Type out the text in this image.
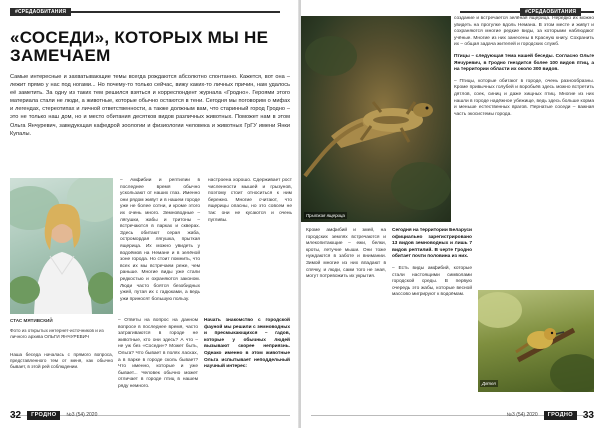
#СРЕДАОБИТАНИЯ
«СОСЕДИ», КОТОРЫХ МЫ НЕ ЗАМЕЧАЕМ
Самые интересные и захватывающие темы всегда рождаются абсолютно спонтанно. Кажется, вот она – лежит прямо у нас под ногами... Но почему-то только сейчас, вижу каких-то личных причин, нам удалось её заметить. За одну из таких тем решился взяться и корреспондент журнала «Гродно». Героями этого материала стали не люди, а животные, которые обычно остаются в тени. Сегодня мы поговорим о мифах и легендах, стереотипах и личной ответственности, а также должным вам, что старинный город Гродно – это не только наш дом, но и место обитания десятков видов различных животных. Поможет нам в этом Ольга Янчуревич, заведующая кафедрой зоологии и физиологии человека и животных ГрГУ имени Янки Купалы.
СТАС МЯТИВСКИЙ
Фото из открытых интернет-источников и из личного архива ОЛЬГИ ЯНЧУРЕВИЧ
Наша беседа началась с прямого вопроса, представленного тем от меня, как обычно бывает, в этой рей соблюдении.

– Ответы на вопрос на данном вопросе в последнее время, часто затрагиваются в городе не животные, кто они здесь? А что – не уж без «Соседи»? Может быть, Ольга? Что бывает в полях ласках, а в парке в городе сколь бывает? Что именно, которые и уже бывает... Человек обычно может отличает в городе птиц в нашем ряду немного.

Начать знакомство с городской фауной мы решили с земноводных и пресмыкающихся – гадов, которые у обычных людей вызывают скорее неприязнь. Однако именно в этом животные Ольга испытывает неподдельный научный интерес:

32	ГРОДНО	№3 (54) 2020
#СРЕДАОБИТАНИЯ
Прыткая ящерица

– Амфибии и рептилии в последнее время обычно ускользают от наших глаз. Именно они рядом живут и в нашем городе уже не более сотни, и кроме этого их очень много. Земноводные – лягушки, жабы и тритоны – встречаются в парках и скверах. Здесь обитают серая жаба, остромордая лягушка, прыткая ящерица. Их можно увидеть у водоёмов на Немане и в зелёной зоне города. Но стоит помнить, что всех их мы встречаем реже, чем раньше. Многие виды уже стали редкостью и охраняются законом. Люди часто боятся безобидных ужей, путая их с гадюками, а ведь ужи приносят большую пользу.

настроена хорошо. Сдерживает рост численности мышей и грызунов, поэтому стоит относиться к ним бережно. Многие считают, что ящерицы опасны, но это совсем не так: они не кусаются и очень пугливы.

создание и встречается зелёная ящерица. Нередко их можно увидеть на прогулке вдоль Немана. В этом месте и живут и сохраняются многие редкие виды, за которыми наблюдают учёные. Многие из них занесены в Красную книгу. Сохранить их – общая задача жителей и городских служб.

Птицы – следующая тема нашей беседы. Согласно Ольге Янчуревич, в Гродно гнездится более 100 видов птиц, а на территории области их около 300 видов.

– Птицы, которые обитают в городе, очень разнообразны. Кроме привычных голубей и воробьёв здесь можно встретить дятлов, соек, синиц и даже хищных птиц. Многие из них нашли в городе надёжное убежище, ведь здесь больше корма и меньше естественных врагов. Пернатые соседи – важная часть экосистемы города.

Кроме амфибий и змей, на городских землях встречаются и млекопитающие – ежи, белки, кроты, летучие мыши. Они тоже нуждаются в заботе и внимании. Зимой многие из них впадают в спячку, и люди, сами того не зная, могут потревожить их укрытия.

Сегодня на территории Беларуси официально зарегистрировано 13 видов земноводных и лишь 7 видов рептилий. В черте Гродно обитает почти половина из них.

– Есть виды амфибий, которые стали настоящими символами городской среды. В первую очередь это жабы, которые весной массово мигрируют к водоёмам.

Дятел
№3 (54) 2020	ГРОДНО	33
